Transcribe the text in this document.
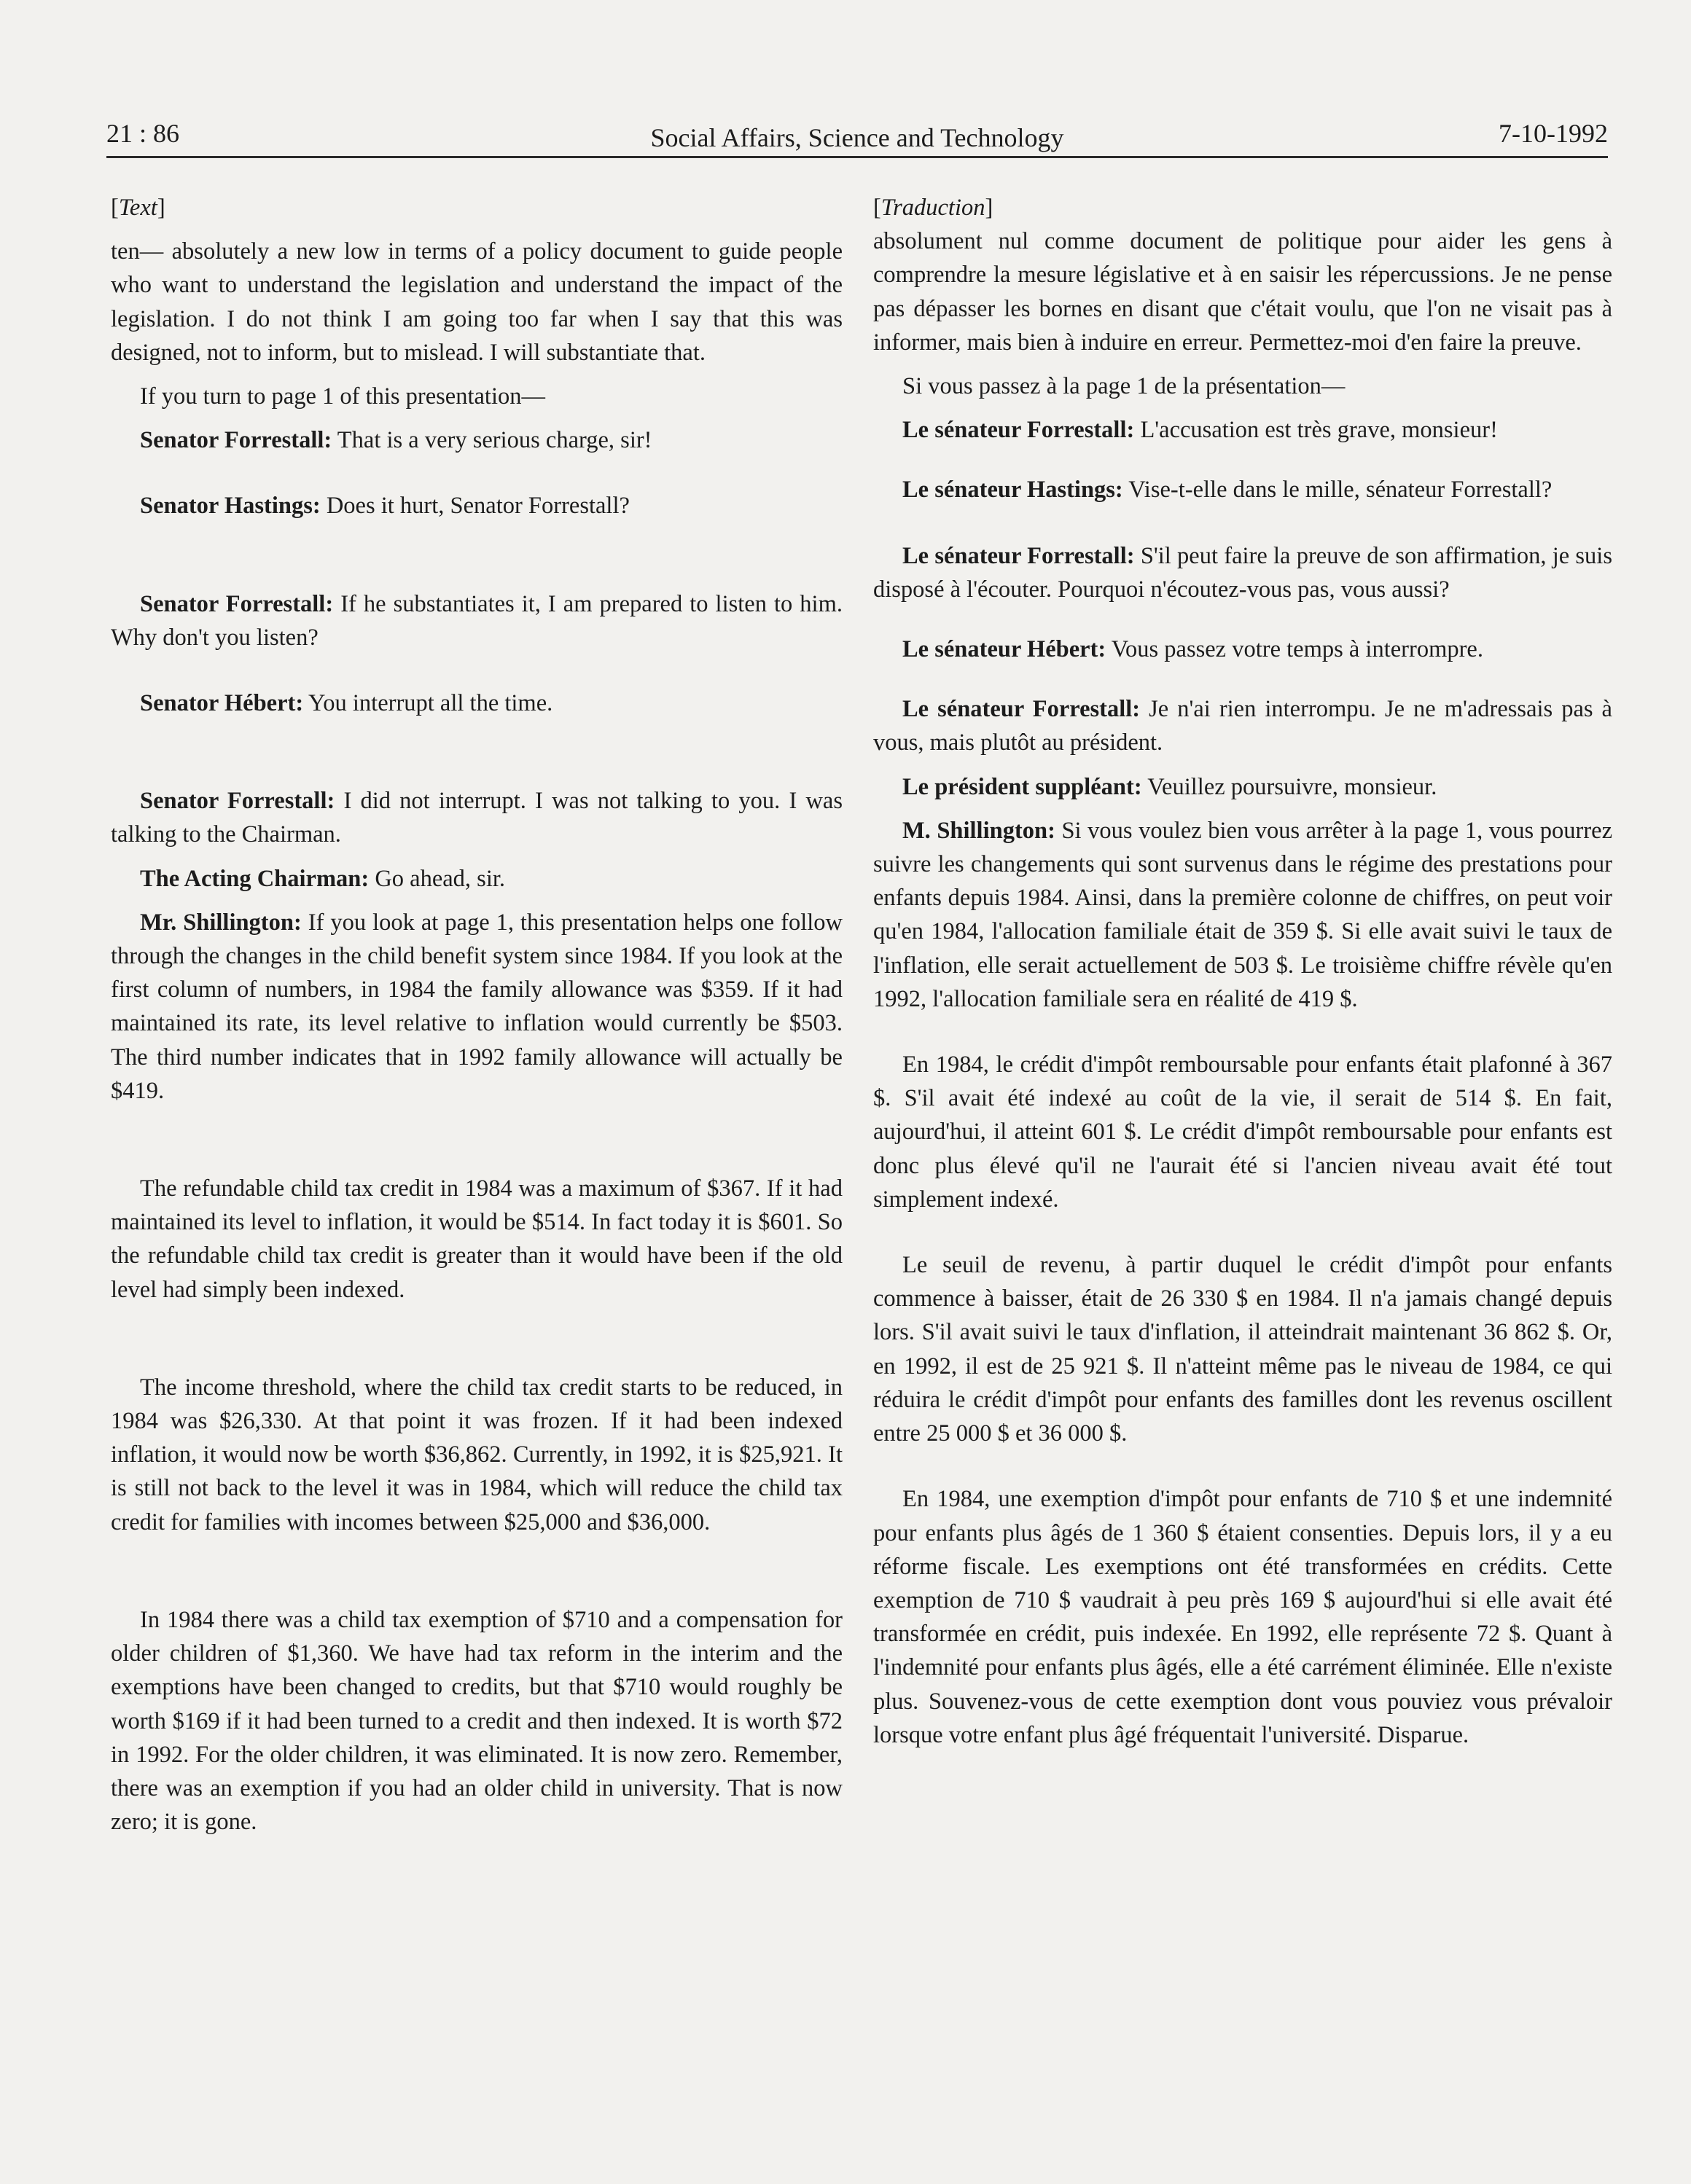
21 : 86	Social Affairs, Science and Technology	7-10-1992

[Text]

ten— absolutely a new low in terms of a policy document to guide people who want to understand the legislation and understand the impact of the legislation. I do not think I am going too far when I say that this was designed, not to inform, but to mislead. I will substantiate that.

If you turn to page 1 of this presentation—

Senator Forrestall: That is a very serious charge, sir!

Senator Hastings: Does it hurt, Senator Forrestall?

Senator Forrestall: If he substantiates it, I am prepared to listen to him. Why don't you listen?

Senator Hébert: You interrupt all the time.

Senator Forrestall: I did not interrupt. I was not talking to you. I was talking to the Chairman.

The Acting Chairman: Go ahead, sir.

Mr. Shillington: If you look at page 1, this presentation helps one follow through the changes in the child benefit system since 1984. If you look at the first column of numbers, in 1984 the family allowance was $359. If it had maintained its rate, its level relative to inflation would currently be $503. The third number indicates that in 1992 family allowance will actually be $419.

The refundable child tax credit in 1984 was a maximum of $367. If it had maintained its level to inflation, it would be $514. In fact today it is $601. So the refundable child tax credit is greater than it would have been if the old level had simply been indexed.

The income threshold, where the child tax credit starts to be reduced, in 1984 was $26,330. At that point it was frozen. If it had been indexed inflation, it would now be worth $36,862. Currently, in 1992, it is $25,921. It is still not back to the level it was in 1984, which will reduce the child tax credit for families with incomes between $25,000 and $36,000.

In 1984 there was a child tax exemption of $710 and a compensation for older children of $1,360. We have had tax reform in the interim and the exemptions have been changed to credits, but that $710 would roughly be worth $169 if it had been turned to a credit and then indexed. It is worth $72 in 1992. For the older children, it was eliminated. It is now zero. Remember, there was an exemption if you had an older child in university. That is now zero; it is gone.

[Traduction]

absolument nul comme document de politique pour aider les gens à comprendre la mesure législative et à en saisir les répercussions. Je ne pense pas dépasser les bornes en disant que c'était voulu, que l'on ne visait pas à informer, mais bien à induire en erreur. Permettez-moi d'en faire la preuve.

Si vous passez à la page 1 de la présentation—

Le sénateur Forrestall: L'accusation est très grave, monsieur!

Le sénateur Hastings: Vise-t-elle dans le mille, sénateur Forrestall?

Le sénateur Forrestall: S'il peut faire la preuve de son affirmation, je suis disposé à l'écouter. Pourquoi n'écoutez-vous pas, vous aussi?

Le sénateur Hébert: Vous passez votre temps à interrompre.

Le sénateur Forrestall: Je n'ai rien interrompu. Je ne m'adressais pas à vous, mais plutôt au président.

Le président suppléant: Veuillez poursuivre, monsieur.

M. Shillington: Si vous voulez bien vous arrêter à la page 1, vous pourrez suivre les changements qui sont survenus dans le régime des prestations pour enfants depuis 1984. Ainsi, dans la première colonne de chiffres, on peut voir qu'en 1984, l'allocation familiale était de 359 $. Si elle avait suivi le taux de l'inflation, elle serait actuellement de 503 $. Le troisième chiffre révèle qu'en 1992, l'allocation familiale sera en réalité de 419 $.

En 1984, le crédit d'impôt remboursable pour enfants était plafonné à 367 $. S'il avait été indexé au coût de la vie, il serait de 514 $. En fait, aujourd'hui, il atteint 601 $. Le crédit d'impôt remboursable pour enfants est donc plus élevé qu'il ne l'aurait été si l'ancien niveau avait été tout simplement indexé.

Le seuil de revenu, à partir duquel le crédit d'impôt pour enfants commence à baisser, était de 26 330 $ en 1984. Il n'a jamais changé depuis lors. S'il avait suivi le taux d'inflation, il atteindrait maintenant 36 862 $. Or, en 1992, il est de 25 921 $. Il n'atteint même pas le niveau de 1984, ce qui réduira le crédit d'impôt pour enfants des familles dont les revenus oscillent entre 25 000 $ et 36 000 $.

En 1984, une exemption d'impôt pour enfants de 710 $ et une indemnité pour enfants plus âgés de 1 360 $ étaient consenties. Depuis lors, il y a eu réforme fiscale. Les exemptions ont été transformées en crédits. Cette exemption de 710 $ vaudrait à peu près 169 $ aujourd'hui si elle avait été transformée en crédit, puis indexée. En 1992, elle représente 72 $. Quant à l'indemnité pour enfants plus âgés, elle a été carrément éliminée. Elle n'existe plus. Souvenez-vous de cette exemption dont vous pouviez vous prévaloir lorsque votre enfant plus âgé fréquentait l'université. Disparue.
